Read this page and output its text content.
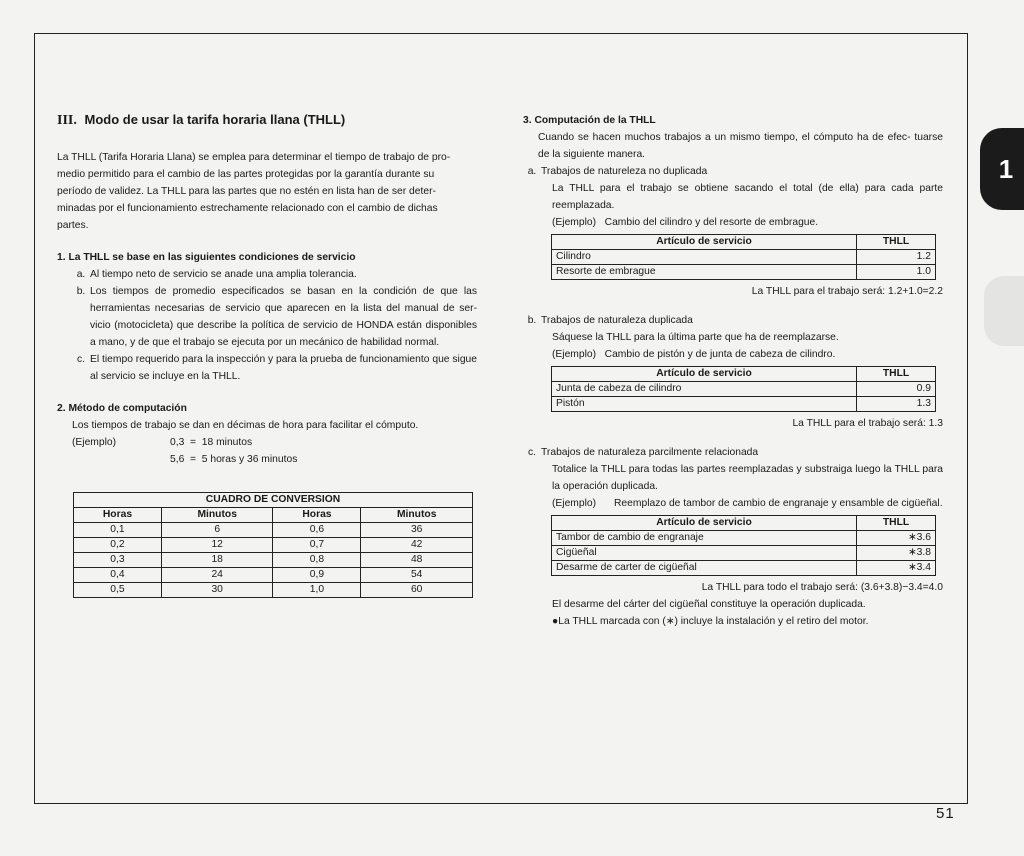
1
51
III. Modo de usar la tarifa horaria llana (THLL)

La THLL (Tarifa Horaria Llana) se emplea para determinar el tiempo de trabajo de pro-

medio permitido para el cambio de las partes protegidas por la garantía durante su

período de validez. La THLL para las partes que no estén en lista han de ser deter-

minadas por el funcionamiento estrechamente relacionado con el cambio de dichas

partes.

1. La THLL se base en las siguientes condiciones de servicio

a. Al tiempo neto de servicio se anade una amplia tolerancia.
b. Los tiempos de promedio especificados se basan en la condición de que las herramientas necesarias de servicio que aparecen en la lista del manual de ser- vicio (motocicleta) que describe la política de servicio de HONDA están disponibles a mano, y de que el trabajo se ejecuta por un mecánico de habilidad normal.
c. El tiempo requerido para la inspección y para la prueba de funcionamiento que sigue al servicio se incluye en la THLL.

2. Método de computación

Los tiempos de trabajo se dan en décimas de hora para facilitar el cómputo.

(Ejemplo)	0,3  =  18 minutos
5,6  =  5 horas y 36 minutos
CUADRO DE CONVERSION			
Horas	Minutos	Horas	Minutos
0,1	6	0,6	36
0,2	12	0,7	42
0,3	18	0,8	48
0,4	24	0,9	54
0,5	30	1,0	60

3. Computación de la THLL

Cuando se hacen muchos trabajos a un mismo tiempo, el cómputo ha de efec- tuarse de la siguiente manera.

a. Trabajos de natureleza no duplicada

La THLL para el trabajo se obtiene sacando el total (de ella) para cada parte reemplazada.

(Ejemplo)   Cambio del cilindro y del resorte de embrague.

Artículo de servicio	THLL
Cilindro	1.2
Resorte de embrague	1.0

La THLL para el trabajo será: 1.2+1.0=2.2

b. Trabajos de naturaleza duplicada

Sáquese la THLL para la última parte que ha de reemplazarse.

(Ejemplo)   Cambio de pistón y de junta de cabeza de cilindro.

Artículo de servicio	THLL
Junta de cabeza de cilindro	0.9
Pistón	1.3

La THLL para el trabajo será: 1.3

c. Trabajos de naturaleza parcilmente relacionada

Totalice la THLL para todas las partes reemplazadas y substraiga luego la THLL para la operación duplicada.

(Ejemplo)	Reemplazo de tambor de cambio de engranaje y ensamble de cigüeñal.
Artículo de servicio	THLL
Tambor de cambio de engranaje	∗3.6
Cigüeñal	∗3.8
Desarme de carter de cigüeñal	∗3.4

La THLL para todo el trabajo será: (3.6+3.8)−3.4=4.0

El desarme del cárter del cigüeñal constituye la operación duplicada.

●La THLL marcada con (∗) incluye la instalación y el retiro del motor.
